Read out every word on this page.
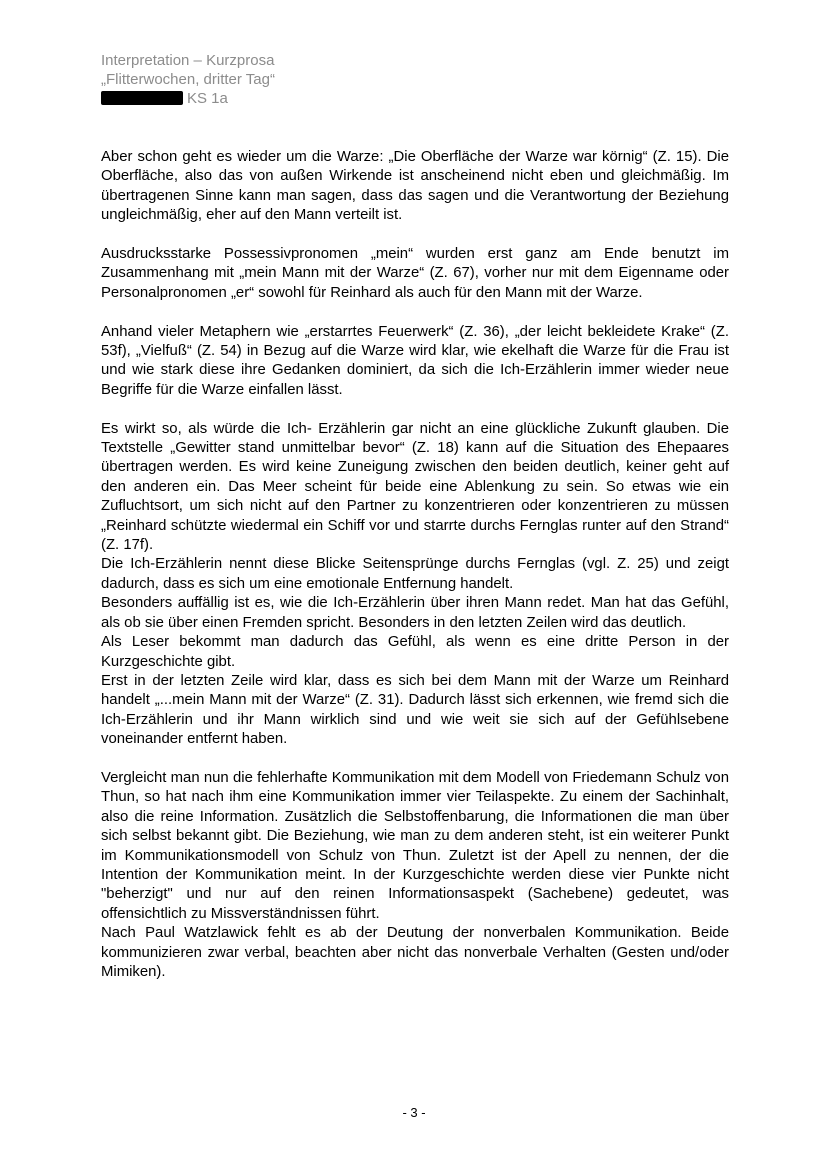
Interpretation – Kurzprosa
„Flitterwochen, dritter Tag“
KS 1a

Aber schon geht es wieder um die Warze: „Die Oberfläche der Warze war körnig“ (Z. 15). Die Oberfläche, also das von außen Wirkende ist anscheinend nicht eben und gleichmäßig. Im übertragenen Sinne kann man sagen, dass das sagen und die Verantwortung der Beziehung ungleichmäßig, eher auf den Mann verteilt ist.

Ausdrucksstarke Possessivpronomen „mein“ wurden erst ganz am Ende benutzt im Zusammenhang mit „mein Mann mit der Warze“ (Z. 67), vorher nur mit dem Eigenname oder Personalpronomen „er“ sowohl für Reinhard als auch für den Mann mit der Warze.

Anhand vieler Metaphern wie „erstarrtes Feuerwerk“ (Z. 36), „der leicht bekleidete Krake“ (Z. 53f), „Vielfuß“ (Z. 54) in Bezug auf die Warze wird klar, wie ekelhaft die Warze für die Frau ist und wie stark diese ihre Gedanken dominiert, da sich die Ich-Erzählerin immer wieder neue Begriffe für die Warze einfallen lässt.

Es wirkt so, als würde die Ich- Erzählerin gar nicht an eine glückliche Zukunft glauben. Die Textstelle „Gewitter stand unmittelbar bevor“ (Z. 18) kann auf die Situation des Ehepaares übertragen werden. Es wird keine Zuneigung zwischen den beiden deutlich, keiner geht auf den anderen ein. Das Meer scheint für beide eine Ablenkung zu sein. So etwas wie ein Zufluchtsort, um sich nicht auf den Partner zu konzentrieren oder konzentrieren zu müssen „Reinhard schützte wiedermal ein Schiff vor und starrte durchs Fernglas runter auf den Strand“ (Z. 17f).

Die Ich-Erzählerin nennt diese Blicke Seitensprünge durchs Fernglas (vgl. Z. 25) und zeigt dadurch, dass es sich um eine emotionale Entfernung handelt.

Besonders auffällig ist es, wie die Ich-Erzählerin über ihren Mann redet. Man hat das Gefühl, als ob sie über einen Fremden spricht. Besonders in den letzten Zeilen wird das deutlich.

Als Leser bekommt man dadurch das Gefühl, als wenn es eine dritte Person in der Kurzgeschichte gibt.

Erst in der letzten Zeile wird klar, dass es sich bei dem Mann mit der Warze um Reinhard handelt „...mein Mann mit der Warze“ (Z. 31). Dadurch lässt sich erkennen, wie fremd sich die Ich-Erzählerin und ihr Mann wirklich sind und wie weit sie sich auf der Gefühlsebene voneinander entfernt haben.

Vergleicht man nun die fehlerhafte Kommunikation mit dem Modell von Friedemann Schulz von Thun, so hat nach ihm eine Kommunikation immer vier Teilaspekte. Zu einem der Sachinhalt, also die reine Information. Zusätzlich die Selbstoffenbarung, die Informationen die man über sich selbst bekannt gibt. Die Beziehung, wie man zu dem anderen steht, ist ein weiterer Punkt im Kommunikationsmodell von Schulz von Thun. Zuletzt ist der Apell zu nennen, der die Intention der Kommunikation meint. In der Kurzgeschichte werden diese vier Punkte nicht "beherzigt" und nur auf den reinen Informationsaspekt (Sachebene) gedeutet, was offensichtlich zu Missverständnissen führt.

Nach Paul Watzlawick fehlt es ab der Deutung der nonverbalen Kommunikation. Beide kommunizieren zwar verbal, beachten aber nicht das nonverbale Verhalten (Gesten und/oder Mimiken).

- 3 -
